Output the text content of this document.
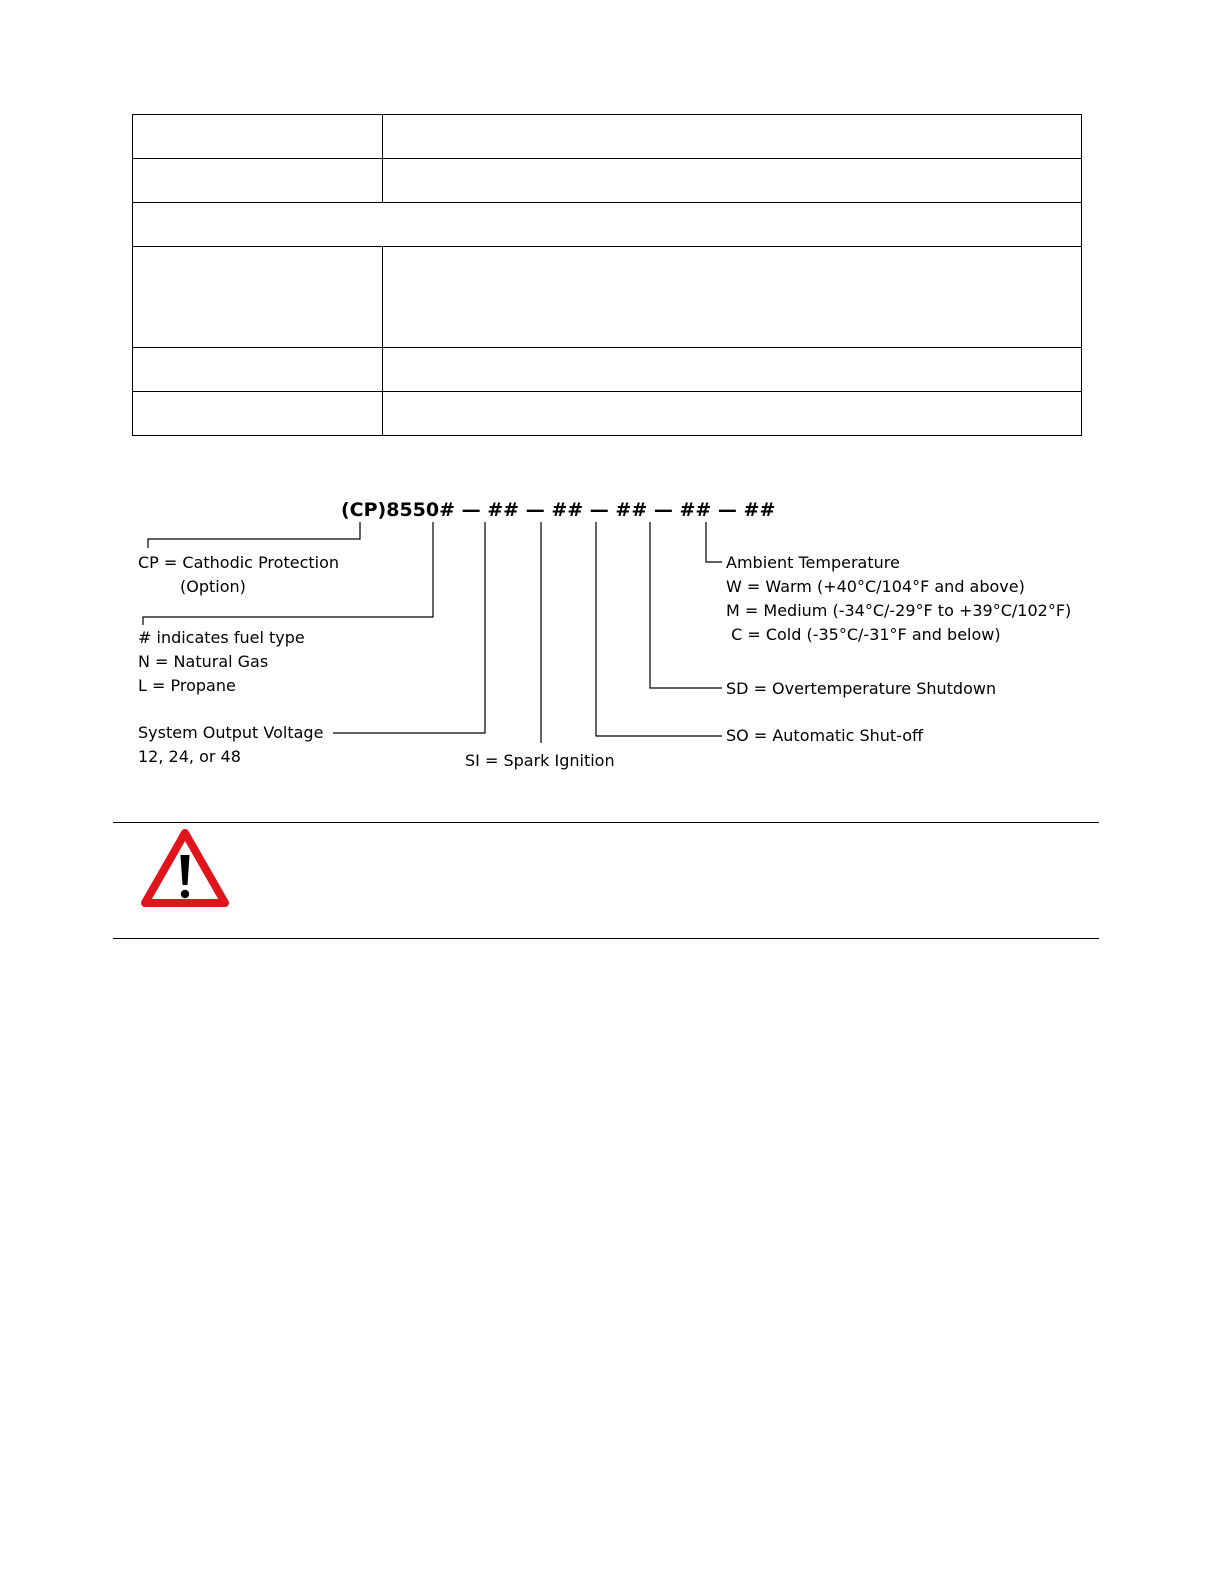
(CP)8550# — ## — ## — ## — ## — ##
CP = Cathodic Protection
(Option)
# indicates fuel type
N = Natural Gas
L = Propane
System Output Voltage
12, 24, or 48	SI = Spark Ignition
SO = Automatic Shut-off
SD = Overtemperature Shutdown
Ambient Temperature
W = Warm (+40°C/104°F and above)
M = Medium (-34°C/-29°F to +39°C/102°F)
C = Cold (-35°C/-31°F and below)
